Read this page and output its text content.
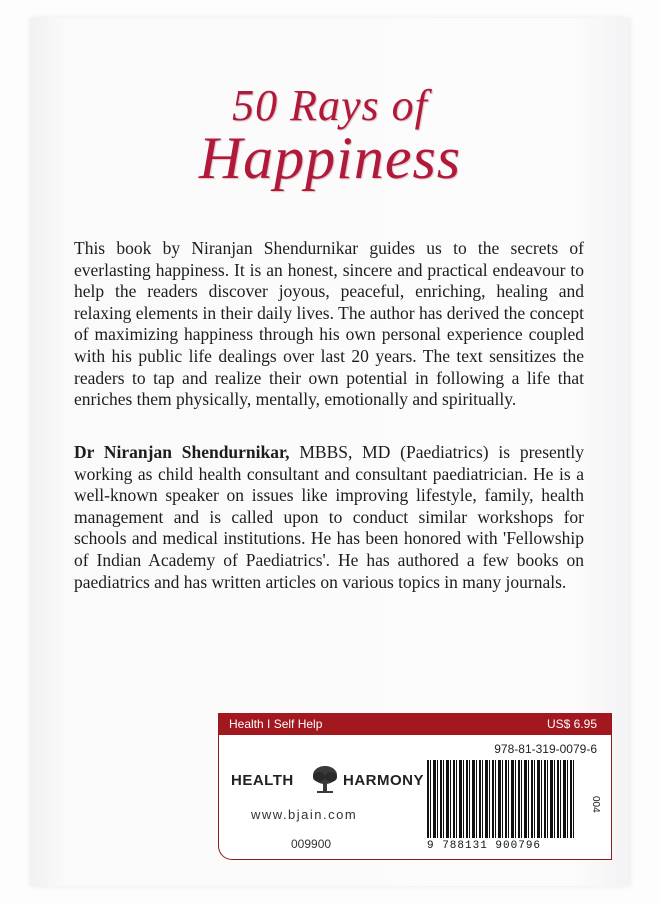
50 Rays of
Happiness

This book by Niranjan Shendurnikar guides us to the secrets of everlasting happiness. It is an honest, sincere and practical endeavour to help the readers discover joyous, peaceful, enriching, healing and relaxing elements in their daily lives. The author has derived the concept of maximizing happiness through his own personal experience coupled with his public life dealings over last 20 years. The text sensitizes the readers to tap and realize their own potential in following a life that enriches them physically, mentally, emotionally and spiritually.

Dr Niranjan Shendurnikar, MBBS, MD (Paediatrics) is presently working as child health consultant and consultant paediatrician. He is a well-known speaker on issues like improving lifestyle, family, health management and is called upon to conduct similar workshops for schools and medical institutions. He has been honored with 'Fellowship of Indian Academy of Paediatrics'. He has authored a few books on paediatrics and has written articles on various topics in many journals.

Health I Self Help	US$ 6.95
978-81-319-0079-6
HEALTH	HARMONY
www.bjain.com
009900	9 788131 900796
004
